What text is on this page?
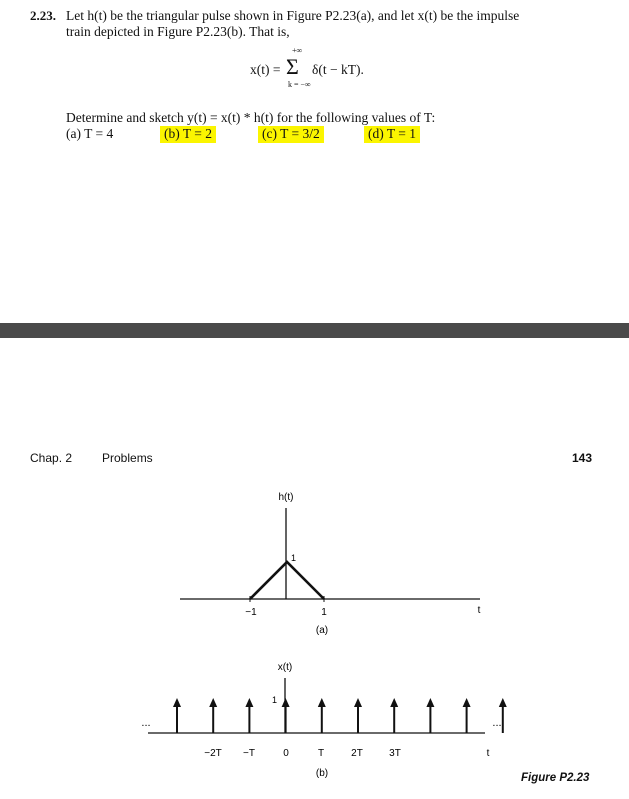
2.23. Let h(t) be the triangular pulse shown in Figure P2.23(a), and let x(t) be the impulse
train depicted in Figure P2.23(b). That is,
x(t) =
+∞
Σ
k = −∞
δ(t − kT).
Determine and sketch y(t) = x(t) * h(t) for the following values of T:
(a) T = 4	(b) T = 2	(c) T = 3/2	(d) T = 1
Chap. 2 Problems	143
h(t)
1
−1	1	t
(a)
x(t)
1
...	...
−2T −T	0	T	2T	3T	t
(b)	Figure P2.23
